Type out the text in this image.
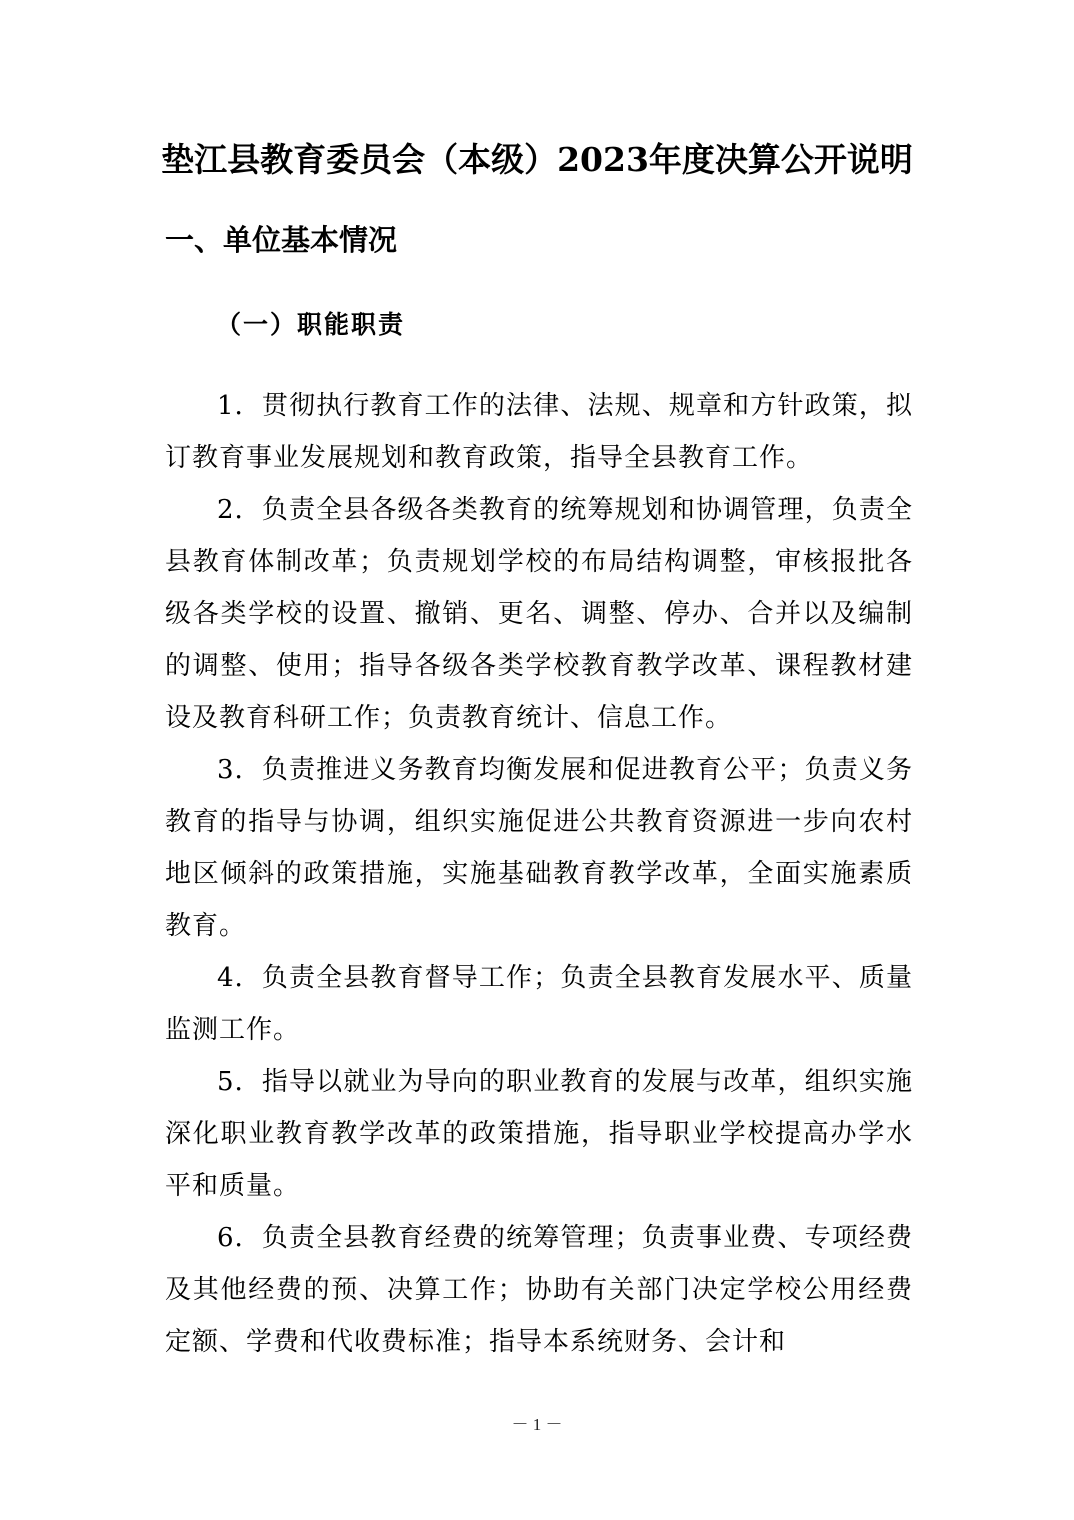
垫江县教育委员会（本级）2023年度决算公开说明
一、单位基本情况
（一）职能职责

1．贯彻执行教育工作的法律、法规、规章和方针政策，拟订教育事业发展规划和教育政策，指导全县教育工作。

2．负责全县各级各类教育的统筹规划和协调管理，负责全县教育体制改革；负责规划学校的布局结构调整，审核报批各级各类学校的设置、撤销、更名、调整、停办、合并以及编制的调整、使用；指导各级各类学校教育教学改革、课程教材建设及教育科研工作；负责教育统计、信息工作。

3．负责推进义务教育均衡发展和促进教育公平；负责义务教育的指导与协调，组织实施促进公共教育资源进一步向农村地区倾斜的政策措施，实施基础教育教学改革，全面实施素质教育。

4．负责全县教育督导工作；负责全县教育发展水平、质量监测工作。

5．指导以就业为导向的职业教育的发展与改革，组织实施深化职业教育教学改革的政策措施，指导职业学校提高办学水平和质量。

6．负责全县教育经费的统筹管理；负责事业费、专项经费及其他经费的预、决算工作；协助有关部门决定学校公用经费定额、学费和代收费标准；指导本系统财务、会计和

－ 1 －
